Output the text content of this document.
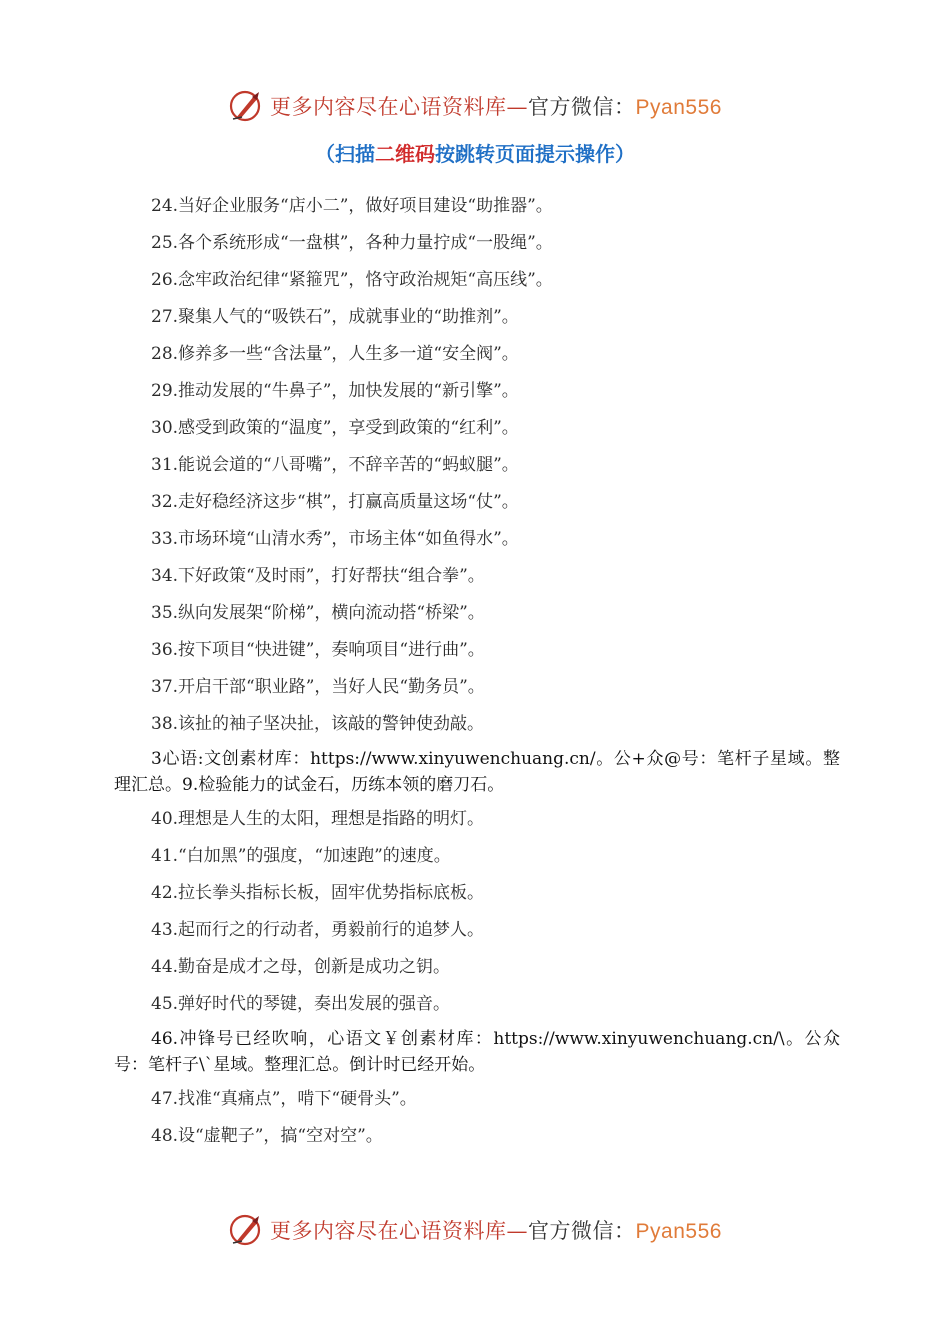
更多内容尽在心语资料库—官方微信：Pyan556
（扫描二维码按跳转页面提示操作）
24.当好企业服务“店小二”，做好项目建设“助推器”。
25.各个系统形成“一盘棋”，各种力量拧成“一股绳”。
26.念牢政治纪律“紧箍咒”，恪守政治规矩“高压线”。
27.聚集人气的“吸铁石”，成就事业的“助推剂”。
28.修养多一些“含法量”，人生多一道“安全阀”。
29.推动发展的“牛鼻子”，加快发展的“新引擎”。
30.感受到政策的“温度”，享受到政策的“红利”。
31.能说会道的“八哥嘴”，不辞辛苦的“蚂蚁腿”。
32.走好稳经济这步“棋”，打赢高质量这场“仗”。
33.市场环境“山清水秀”，市场主体“如鱼得水”。
34.下好政策“及时雨”，打好帮扶“组合拳”。
35.纵向发展架“阶梯”，横向流动搭“桥梁”。
36.按下项目“快进键”，奏响项目“进行曲”。
37.开启干部“职业路”，当好人民“勤务员”。
38.该扯的袖子坚决扯，该敲的警钟使劲敲。
3心语:文创素材库：https://www.xinyuwenchuang.cn/。公+众@号：笔杆子星域。整理汇总。9.检验能力的试金石，历练本领的磨刀石。
40.理想是人生的太阳，理想是指路的明灯。
41.“白加黑”的强度，“加速跑”的速度。
42.拉长拳头指标长板，固牢优势指标底板。
43.起而行之的行动者，勇毅前行的追梦人。
44.勤奋是成才之母，创新是成功之钥。
45.弹好时代的琴键，奏出发展的强音。
46.冲锋号已经吹响，心语文￥创素材库：https://www.xinyuwenchuang.cn/\。公众号：笔杆子\`星域。整理汇总。倒计时已经开始。
47.找准“真痛点”，啃下“硬骨头”。
48.设“虚靶子”，搞“空对空”。
更多内容尽在心语资料库—官方微信：Pyan556
